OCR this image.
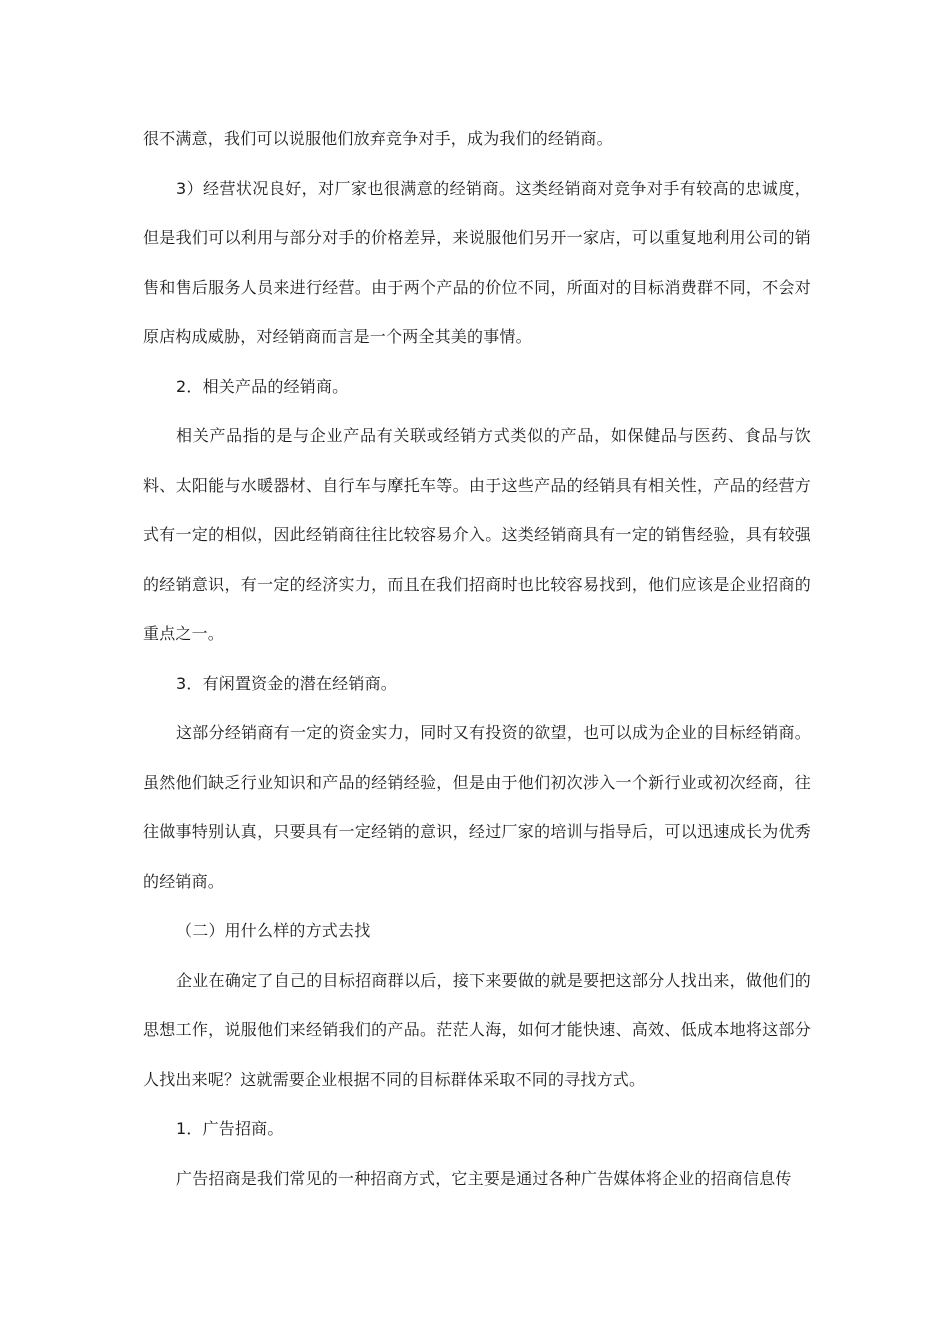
很不满意，我们可以说服他们放弃竞争对手，成为我们的经销商。

3）经营状况良好，对厂家也很满意的经销商。这类经销商对竞争对手有较高的忠诚度，但是我们可以利用与部分对手的价格差异，来说服他们另开一家店，可以重复地利用公司的销售和售后服务人员来进行经营。由于两个产品的价位不同，所面对的目标消费群不同，不会对原店构成威胁，对经销商而言是一个两全其美的事情。

2．相关产品的经销商。

相关产品指的是与企业产品有关联或经销方式类似的产品，如保健品与医药、食品与饮料、太阳能与水暖器材、自行车与摩托车等。由于这些产品的经销具有相关性，产品的经营方式有一定的相似，因此经销商往往比较容易介入。这类经销商具有一定的销售经验，具有较强的经销意识，有一定的经济实力，而且在我们招商时也比较容易找到，他们应该是企业招商的重点之一。

3．有闲置资金的潜在经销商。

这部分经销商有一定的资金实力，同时又有投资的欲望，也可以成为企业的目标经销商。虽然他们缺乏行业知识和产品的经销经验，但是由于他们初次涉入一个新行业或初次经商，往往做事特别认真，只要具有一定经销的意识，经过厂家的培训与指导后，可以迅速成长为优秀的经销商。

（二）用什么样的方式去找

企业在确定了自己的目标招商群以后，接下来要做的就是要把这部分人找出来，做他们的思想工作，说服他们来经销我们的产品。茫茫人海，如何才能快速、高效、低成本地将这部分人找出来呢？这就需要企业根据不同的目标群体采取不同的寻找方式。

1．广告招商。

广告招商是我们常见的一种招商方式，它主要是通过各种广告媒体将企业的招商信息传
